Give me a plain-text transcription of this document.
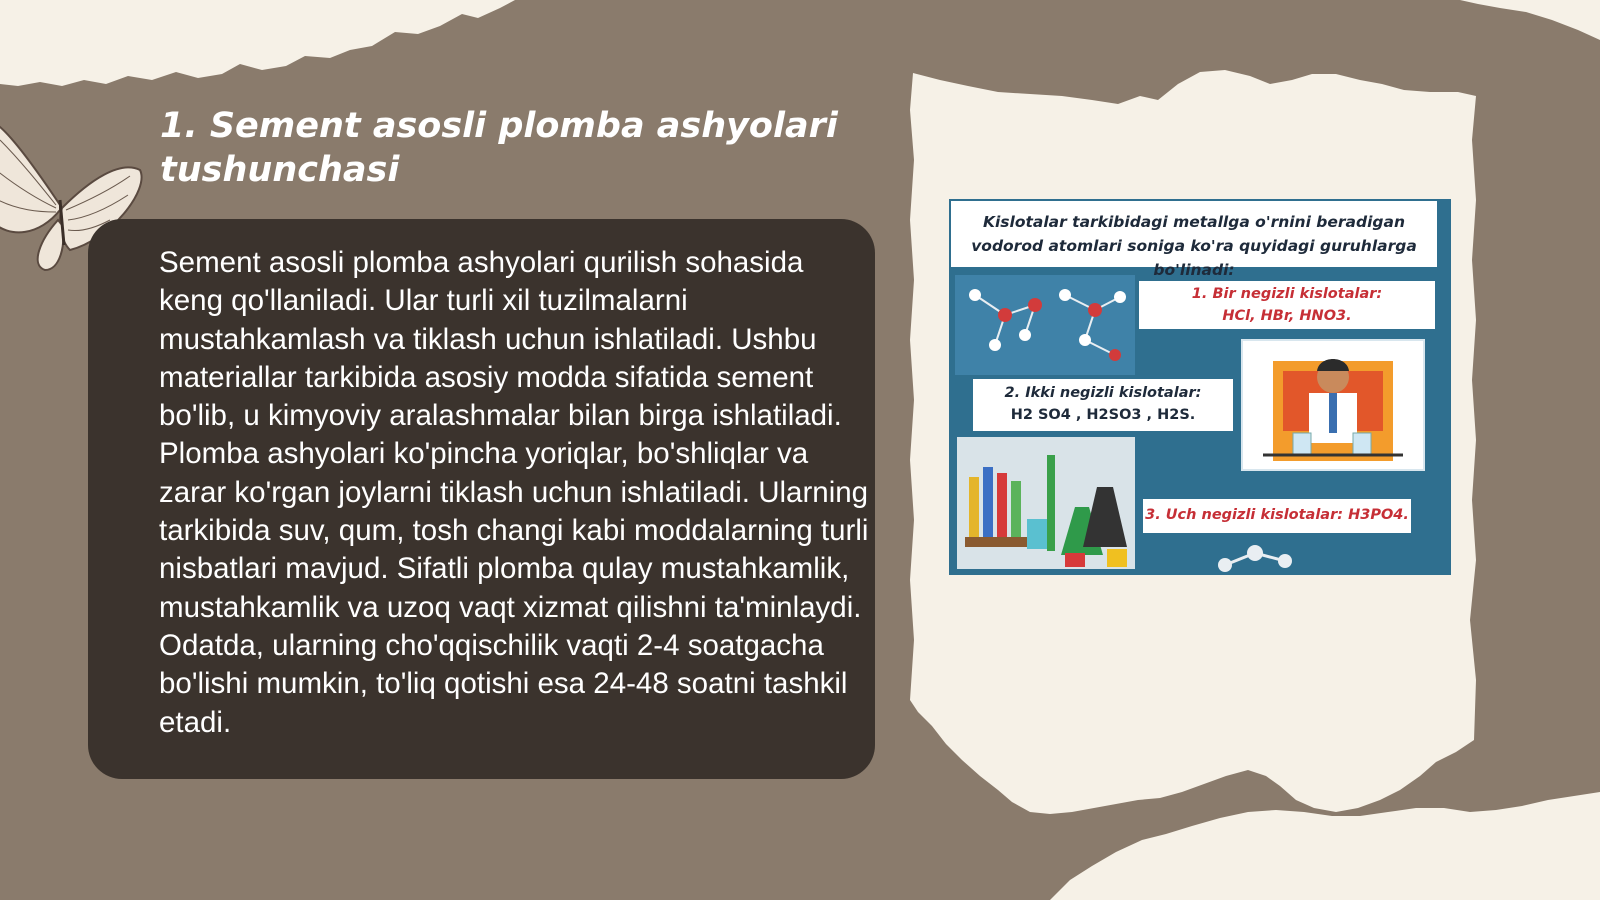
1. Sement asosli plomba ashyolari tushunchasi

Sement asosli plomba ashyolari qurilish sohasida keng qo'llaniladi. Ular turli xil tuzilmalarni mustahkamlash va tiklash uchun ishlatiladi. Ushbu materiallar tarkibida asosiy modda sifatida sement bo'lib, u kimyoviy aralashmalar bilan birga ishlatiladi. Plomba ashyolari ko'pincha yoriqlar, bo'shliqlar va zarar ko'rgan joylarni tiklash uchun ishlatiladi. Ularning tarkibida suv, qum, tosh changi kabi moddalarning turli nisbatlari mavjud. Sifatli plomba qulay mustahkamlik, mustahkamlik va uzoq vaqt xizmat qilishni ta'minlaydi. Odatda, ularning cho'qqischilik vaqti 2-4 soatgacha bo'lishi mumkin, to'liq qotishi esa 24-48 soatni tashkil etadi.

Kislotalar tarkibidagi metallga o'rnini beradigan vodorod atomlari soniga ko'ra quyidagi guruhlarga bo'linadi:
1. Bir negizli kislotalar:
HCl, HBr, HNO3.
2. Ikki negizli kislotalar:
H2 SO4 , H2SO3 , H2S.
3. Uch negizli kislotalar: H3PO4.
